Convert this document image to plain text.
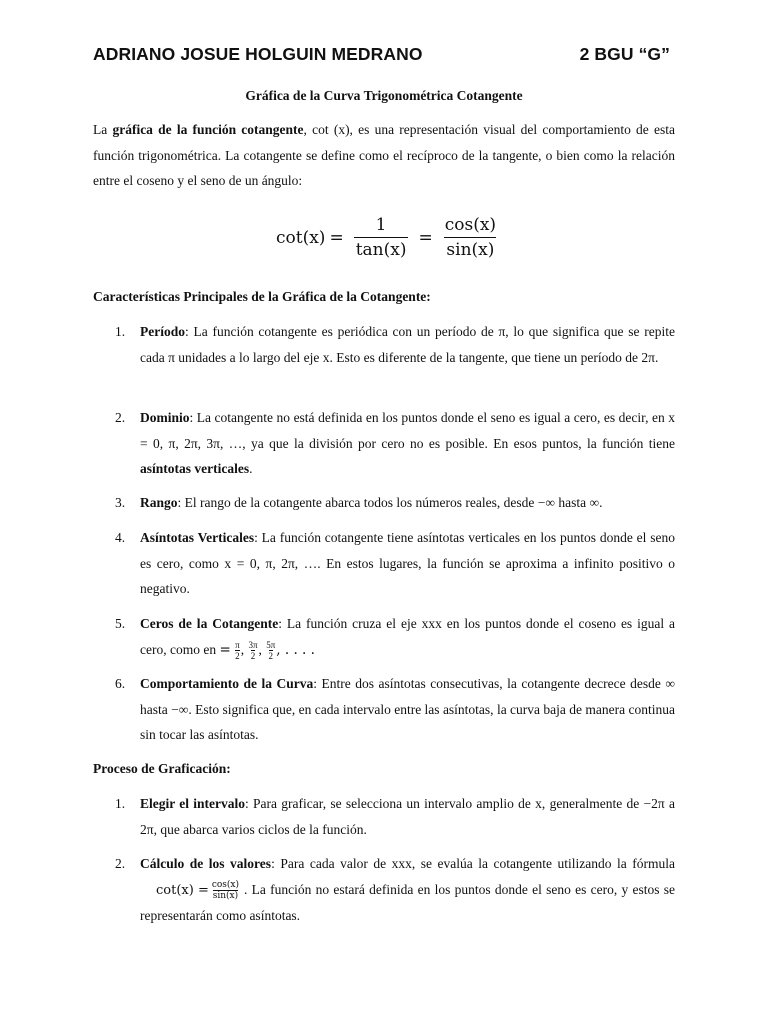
ADRIANO JOSUE HOLGUIN MEDRANO	2 BGU “G”
Gráfica de la Curva Trigonométrica Cotangente

La gráfica de la función cotangente, cot (x), es una representación visual del comportamiento de esta función trigonométrica. La cotangente se define como el recíproco de la tangente, o bien como la relación entre el coseno y el seno de un ángulo:

$\cot(x) = \frac{1}{\tan(x)} = \frac{\cos(x)}{\sin(x)}$
Características Principales de la Gráfica de la Cotangente:
1.	Período: La función cotangente es periódica con un período de π, lo que significa que se repite cada π unidades a lo largo del eje x. Esto es diferente de la tangente, que tiene un período de 2π.
2.	Dominio: La cotangente no está definida en los puntos donde el seno es igual a cero, es decir, en x = 0, π, 2π, 3π, …, ya que la división por cero no es posible. En esos puntos, la función tiene asíntotas verticales.
3.	Rango: El rango de la cotangente abarca todos los números reales, desde −∞ hasta ∞.
4.	Asíntotas Verticales: La función cotangente tiene asíntotas verticales en los puntos donde el seno es cero, como x = 0, π, 2π, …. En estos lugares, la función se aproxima a infinito positivo o negativo.
5.	Ceros de la Cotangente: La función cruza el eje xxx en los puntos donde el coseno es igual a cero, como en = $\frac{\pi}{2}$ , $\frac{3\pi}{2}$ , $\frac{5\pi}{2}$ , . . . .
6.	Comportamiento de la Curva: Entre dos asíntotas consecutivas, la cotangente decrece desde ∞ hasta −∞. Esto significa que, en cada intervalo entre las asíntotas, la curva baja de manera continua sin tocar las asíntotas.
Proceso de Graficación:
1.	Elegir el intervalo: Para graficar, se selecciona un intervalo amplio de x, generalmente de −2π a 2π, que abarca varios ciclos de la función.
2.	Cálculo de los valores: Para cada valor de xxx, se evalúa la cotangente utilizando la fórmula
$\cot(x) = \frac{\cos(x)}{\sin(x)}$ . La función no estará definida en los puntos donde el seno es cero, y estos se representarán como asíntotas.
